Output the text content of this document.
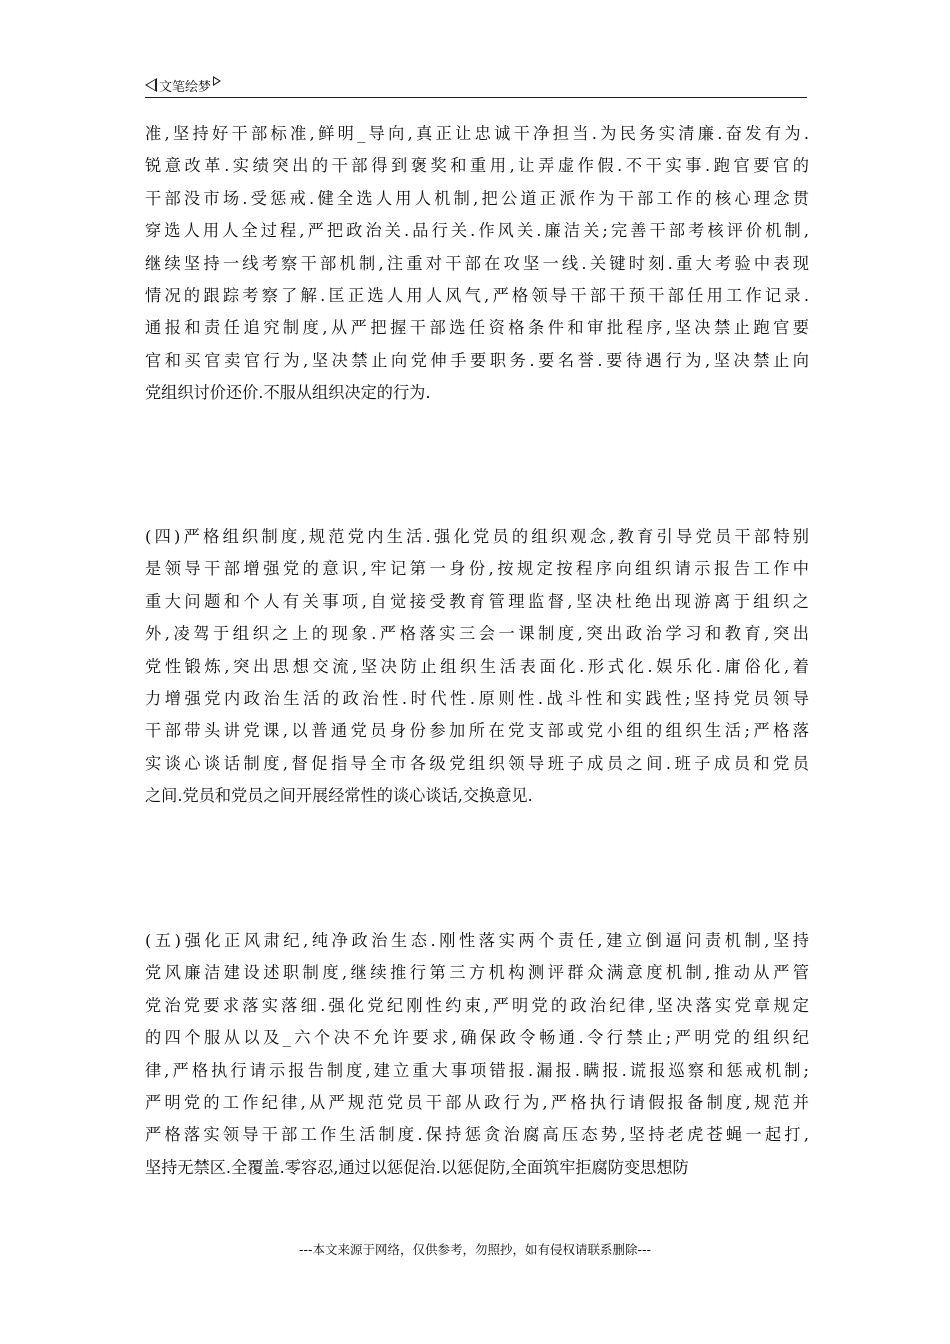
文笔绘梦

准,坚持好干部标准,鲜明_导向,真正让忠诚干净担当.为民务实清廉.奋发有为.
锐意改革.实绩突出的干部得到褒奖和重用,让弄虚作假.不干实事.跑官要官的
干部没市场.受惩戒.健全选人用人机制,把公道正派作为干部工作的核心理念贯
穿选人用人全过程,严把政治关.品行关.作风关.廉洁关;完善干部考核评价机制,
继续坚持一线考察干部机制,注重对干部在攻坚一线.关键时刻.重大考验中表现
情况的跟踪考察了解.匡正选人用人风气,严格领导干部干预干部任用工作记录.
通报和责任追究制度,从严把握干部选任资格条件和审批程序,坚决禁止跑官要
官和买官卖官行为,坚决禁止向党伸手要职务.要名誉.要待遇行为,坚决禁止向
党组织讨价还价.不服从组织决定的行为.

(四)严格组织制度,规范党内生活.强化党员的组织观念,教育引导党员干部特别
是领导干部增强党的意识,牢记第一身份,按规定按程序向组织请示报告工作中
重大问题和个人有关事项,自觉接受教育管理监督,坚决杜绝出现游离于组织之
外,凌驾于组织之上的现象.严格落实三会一课制度,突出政治学习和教育,突出
党性锻炼,突出思想交流,坚决防止组织生活表面化.形式化.娱乐化.庸俗化,着
力增强党内政治生活的政治性.时代性.原则性.战斗性和实践性;坚持党员领导
干部带头讲党课,以普通党员身份参加所在党支部或党小组的组织生活;严格落
实谈心谈话制度,督促指导全市各级党组织领导班子成员之间.班子成员和党员
之间.党员和党员之间开展经常性的谈心谈话,交换意见.

(五)强化正风肃纪,纯净政治生态.刚性落实两个责任,建立倒逼问责机制,坚持
党风廉洁建设述职制度,继续推行第三方机构测评群众满意度机制,推动从严管
党治党要求落实落细.强化党纪刚性约束,严明党的政治纪律,坚决落实党章规定
的四个服从以及_六个决不允许要求,确保政令畅通.令行禁止;严明党的组织纪
律,严格执行请示报告制度,建立重大事项错报.漏报.瞒报.谎报巡察和惩戒机制;
严明党的工作纪律,从严规范党员干部从政行为,严格执行请假报备制度,规范并
严格落实领导干部工作生活制度.保持惩贪治腐高压态势,坚持老虎苍蝇一起打,
坚持无禁区.全覆盖.零容忍,通过以惩促治.以惩促防,全面筑牢拒腐防变思想防

---本文来源于网络，仅供参考，勿照抄，如有侵权请联系删除---
